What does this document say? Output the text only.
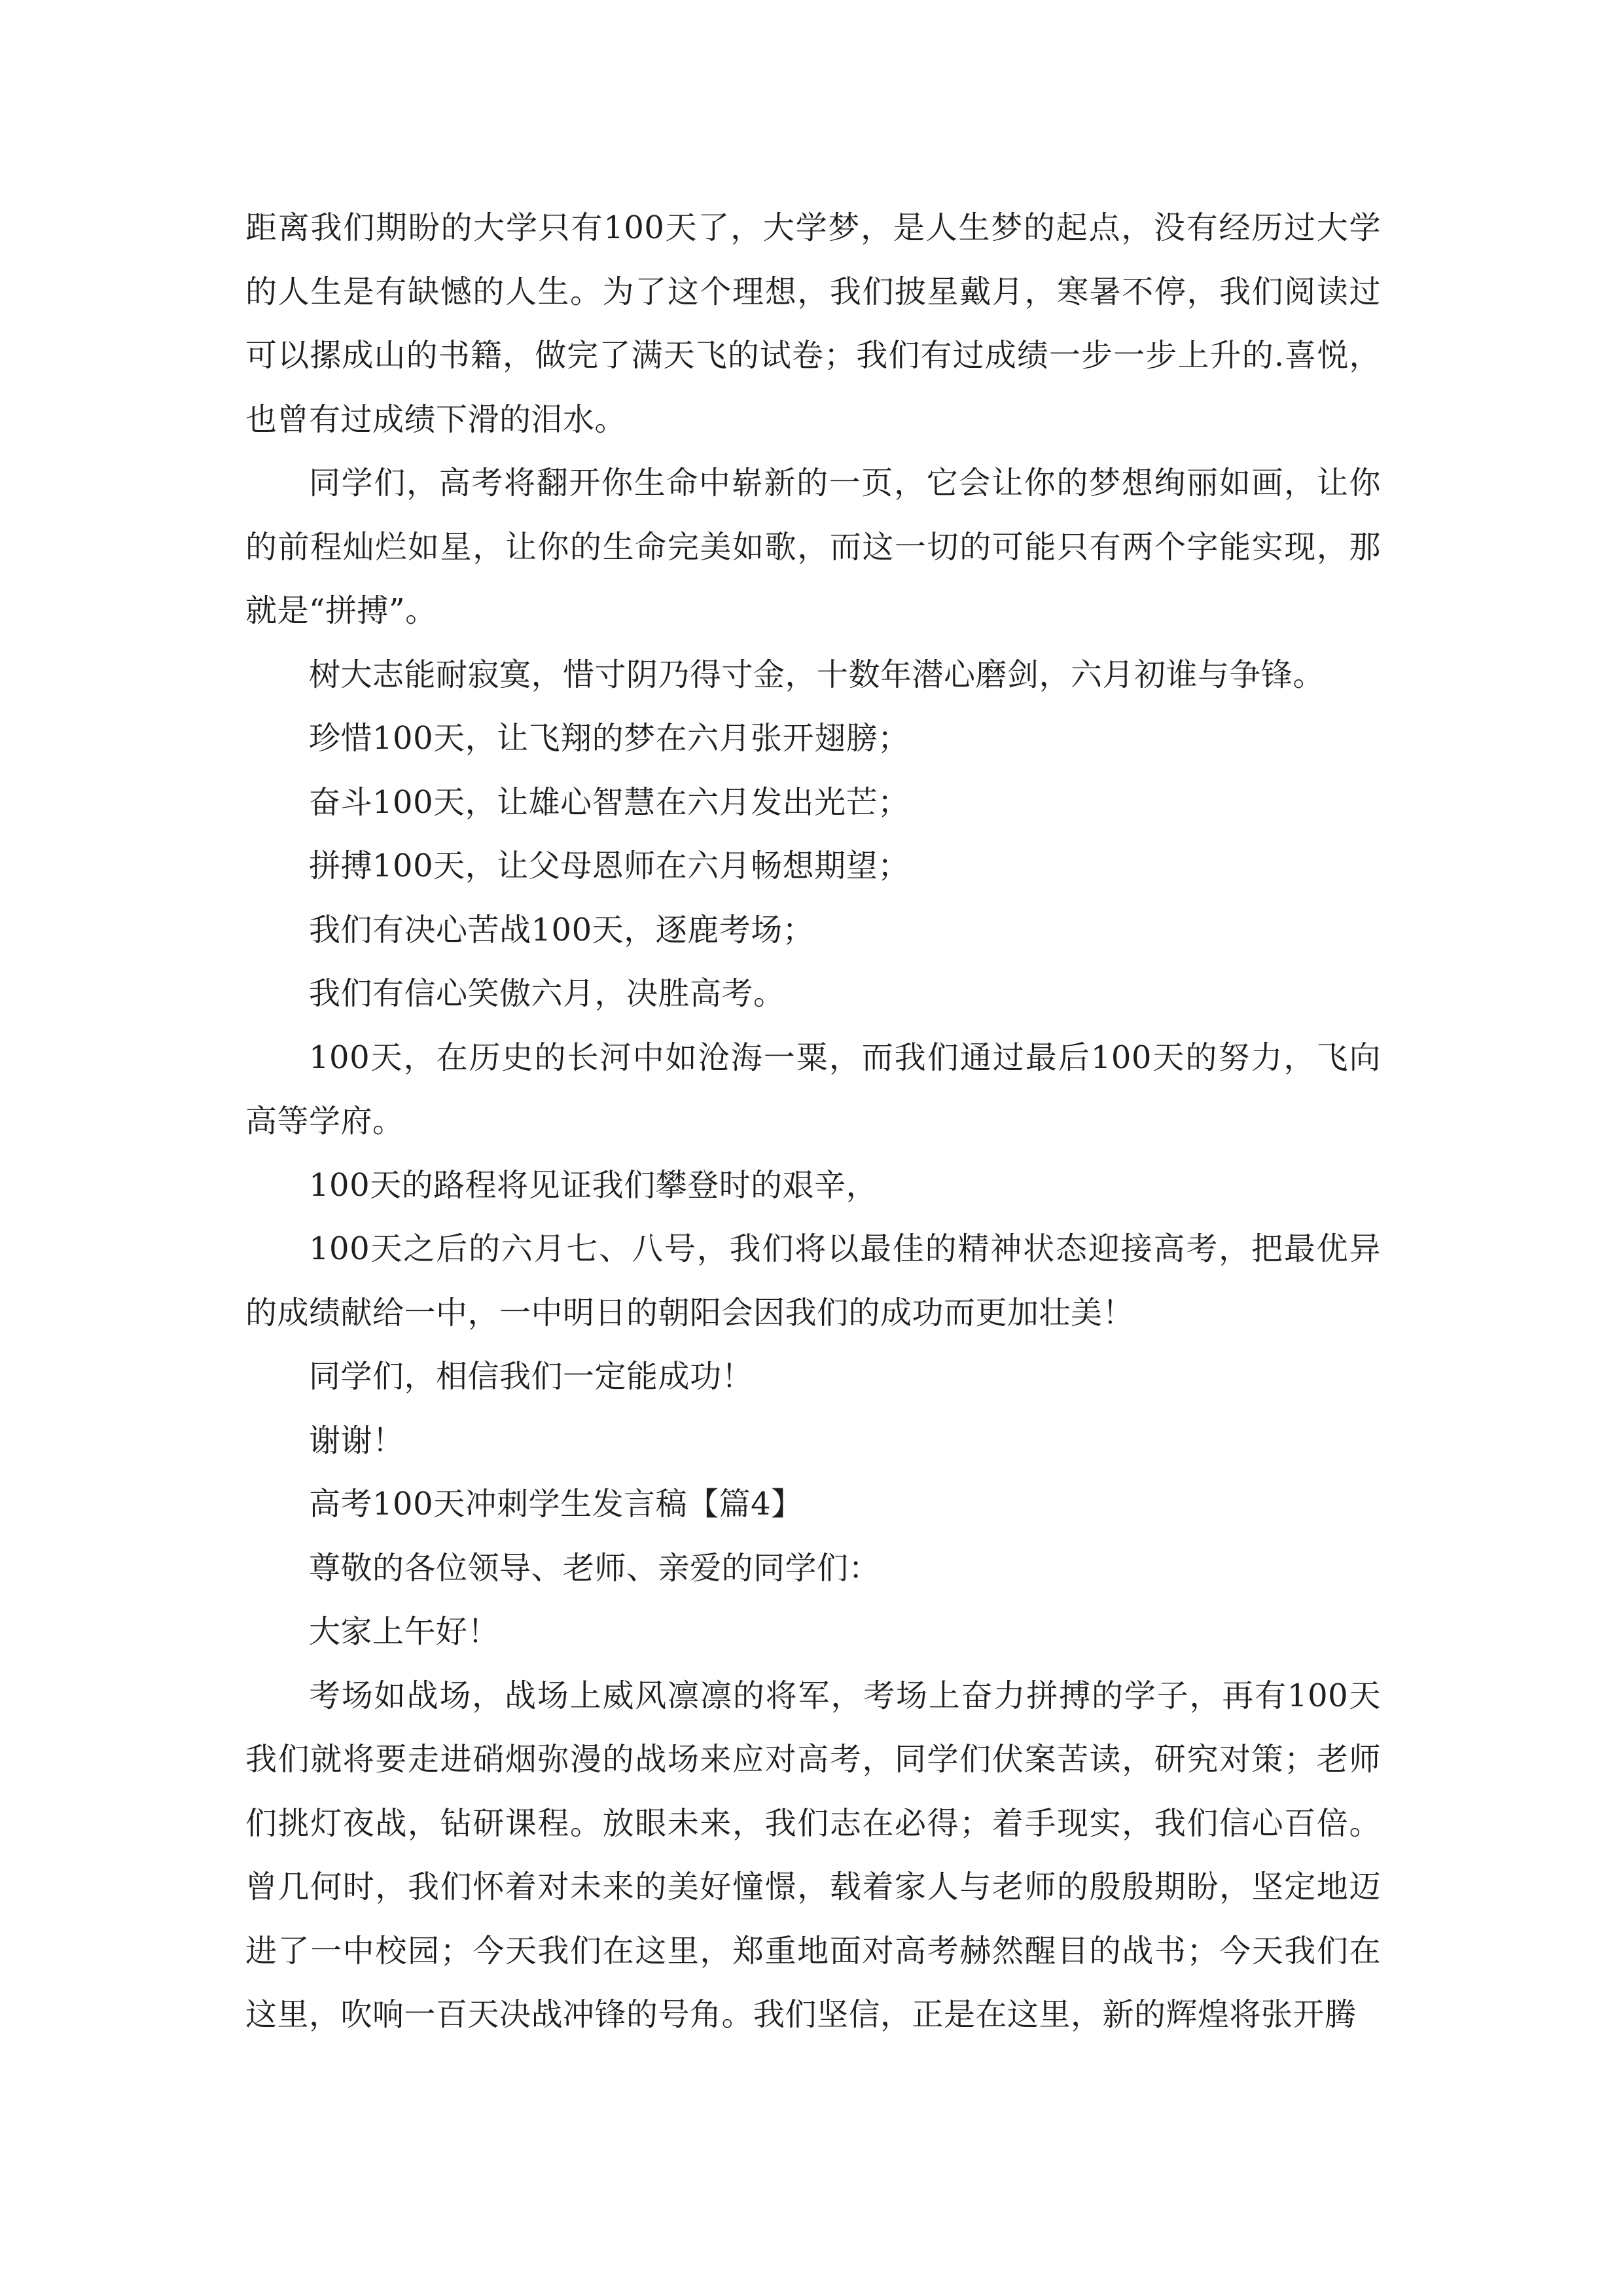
距离我们期盼的大学只有100天了，大学梦，是人生梦的起点，没有经历过大学的人生是有缺憾的人生。为了这个理想，我们披星戴月，寒暑不停，我们阅读过可以摞成山的书籍，做完了满天飞的试卷；我们有过成绩一步一步上升的.喜悦，也曾有过成绩下滑的泪水。

同学们，高考将翻开你生命中崭新的一页，它会让你的梦想绚丽如画，让你的前程灿烂如星，让你的生命完美如歌，而这一切的可能只有两个字能实现，那就是“拼搏”。

树大志能耐寂寞，惜寸阴乃得寸金，十数年潜心磨剑，六月初谁与争锋。

珍惜100天，让飞翔的梦在六月张开翅膀；

奋斗100天，让雄心智慧在六月发出光芒；

拼搏100天，让父母恩师在六月畅想期望；

我们有决心苦战100天，逐鹿考场；

我们有信心笑傲六月，决胜高考。

100天，在历史的长河中如沧海一粟，而我们通过最后100天的努力，飞向高等学府。

100天的路程将见证我们攀登时的艰辛，

100天之后的六月七、八号，我们将以最佳的精神状态迎接高考，把最优异的成绩献给一中，一中明日的朝阳会因我们的成功而更加壮美！

同学们，相信我们一定能成功！

谢谢！

高考100天冲刺学生发言稿【篇4】

尊敬的各位领导、老师、亲爱的同学们：

大家上午好！

考场如战场，战场上威风凛凛的将军，考场上奋力拼搏的学子，再有100天我们就将要走进硝烟弥漫的战场来应对高考，同学们伏案苦读，研究对策；老师们挑灯夜战，钻研课程。放眼未来，我们志在必得；着手现实，我们信心百倍。曾几何时，我们怀着对未来的美好憧憬，载着家人与老师的殷殷期盼，坚定地迈进了一中校园；今天我们在这里，郑重地面对高考赫然醒目的战书；今天我们在这里，吹响一百天决战冲锋的号角。我们坚信，正是在这里，新的辉煌将张开腾
